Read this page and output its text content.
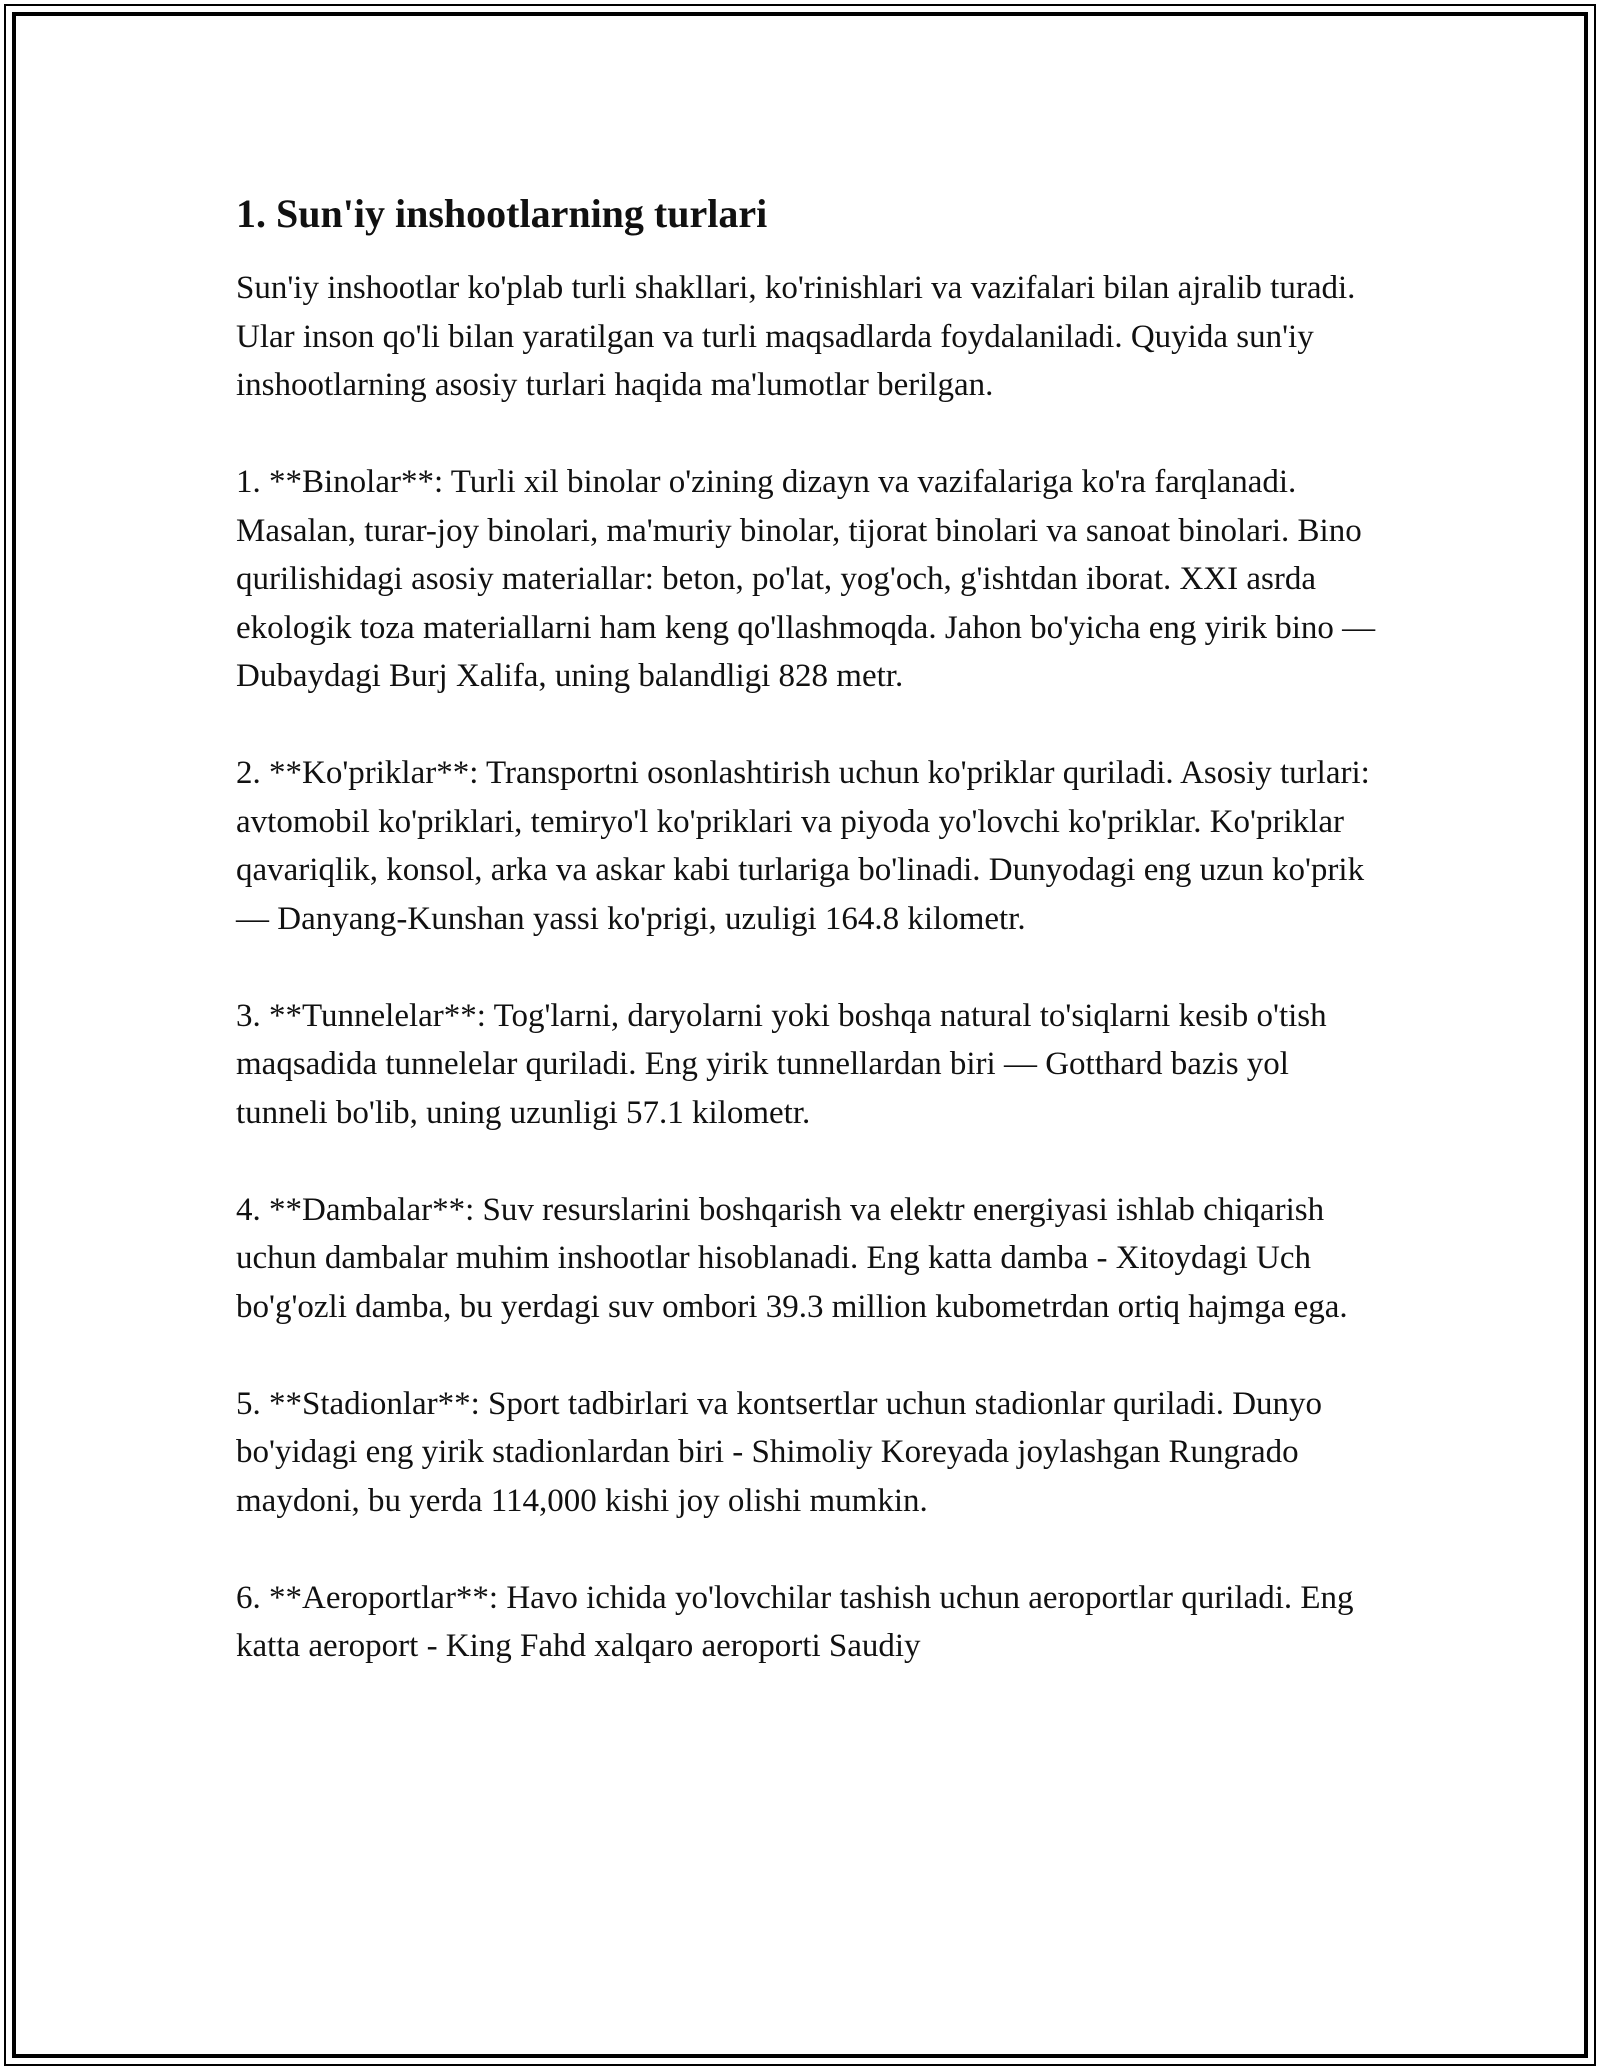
1. Sun'iy inshootlarning turlari

Sun'iy inshootlar ko'plab turli shakllari, ko'rinishlari va vazifalari bilan ajralib turadi. Ular inson qo'li bilan yaratilgan va turli maqsadlarda foydalaniladi. Quyida sun'iy inshootlarning asosiy turlari haqida ma'lumotlar berilgan.

1. **Binolar**: Turli xil binolar o'zining dizayn va vazifalariga ko'ra farqlanadi. Masalan, turar-joy binolari, ma'muriy binolar, tijorat binolari va sanoat binolari. Bino qurilishidagi asosiy materiallar: beton, po'lat, yog'och, g'ishtdan iborat. XXI asrda ekologik toza materiallarni ham keng qo'llashmoqda. Jahon bo'yicha eng yirik bino — Dubaydagi Burj Xalifa, uning balandligi 828 metr.

2. **Ko'priklar**: Transportni osonlashtirish uchun ko'priklar quriladi. Asosiy turlari: avtomobil ko'priklari, temiryo'l ko'priklari va piyoda yo'lovchi ko'priklar. Ko'priklar qavariqlik, konsol, arka va askar kabi turlariga bo'linadi. Dunyodagi eng uzun ko'prik — Danyang-Kunshan yassi ko'prigi, uzuligi 164.8 kilometr.

3. **Tunnelelar**: Tog'larni, daryolarni yoki boshqa natural to'siqlarni kesib o'tish maqsadida tunnelelar quriladi. Eng yirik tunnellardan biri — Gotthard bazis yol tunneli bo'lib, uning uzunligi 57.1 kilometr.

4. **Dambalar**: Suv resurslarini boshqarish va elektr energiyasi ishlab chiqarish uchun dambalar muhim inshootlar hisoblanadi. Eng katta damba - Xitoydagi Uch bo'g'ozli damba, bu yerdagi suv ombori 39.3 million kubometrdan ortiq hajmga ega.

5. **Stadionlar**: Sport tadbirlari va kontsertlar uchun stadionlar quriladi. Dunyo bo'yidagi eng yirik stadionlardan biri - Shimoliy Koreyada joylashgan Rungrado maydoni, bu yerda 114,000 kishi joy olishi mumkin.

6. **Aeroportlar**: Havo ichida yo'lovchilar tashish uchun aeroportlar quriladi. Eng katta aeroport - King Fahd xalqaro aeroporti Saudiy
